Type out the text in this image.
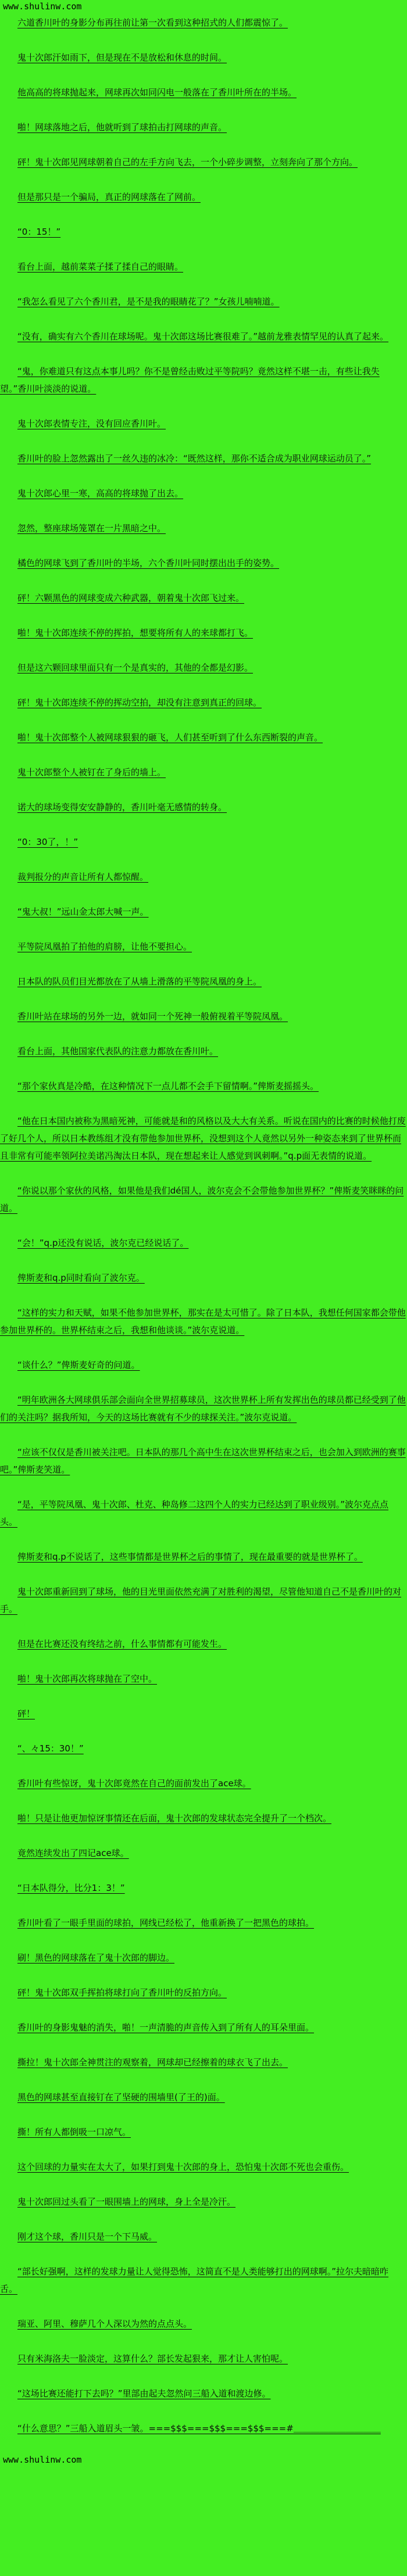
www.shulinw.com

六道香川叶的身影分布再往前让第一次看到这种招式的人们都震惊了。

鬼十次郎汗如雨下，但是现在不是放松和休息的时间。

他高高的将球抛起来，网球再次如同闪电一般落在了香川叶所在的半场。

啪！网球落地之后，他就听到了球拍击打网球的声音。

砰！鬼十次郎见网球朝着自己的左手方向飞去，一个小碎步调整，立刻奔向了那个方向。

但是那只是一个骗局，真正的网球落在了网前。

“0：15！”

看台上面，越前菜菜子揉了揉自己的眼睛。

“我怎么看见了六个香川君，是不是我的眼睛花了？”女孩儿喃喃道。

“没有，确实有六个香川在球场呢。鬼十次郎这场比赛很难了。”越前龙雅表情罕见的认真了起来。

“鬼，你难道只有这点本事儿吗？你不是曾经击败过平等院吗？竟然这样不堪一击，有些让我失望。”香川叶淡淡的说道。

鬼十次郎表情专注，没有回应香川叶。

香川叶的脸上忽然露出了一丝久违的冰冷：“既然这样，那你不适合成为职业网球运动员了。”

鬼十次郎心里一寒，高高的将球抛了出去。

忽然，整座球场笼罩在一片黑暗之中。

橘色的网球飞到了香川叶的半场，六个香川叶同时摆出出手的姿势。

砰！六颗黑色的网球变成六种武器，朝着鬼十次郎飞过来。

啪！鬼十次郎连续不停的挥拍，想要将所有人的来球都打飞。

但是这六颗回球里面只有一个是真实的，其他的全都是幻影。

砰！鬼十次郎连续不停的挥动空拍，却没有注意到真正的回球。

啪！鬼十次郎整个人被网球狠狠的砸飞，人们甚至听到了什么东西断裂的声音。

鬼十次郎整个人被钉在了身后的墙上。

诺大的球场变得安安静静的，香川叶毫无感情的转身。

“0：30了，！”

裁判报分的声音让所有人都惊醒。

“鬼大叔！”远山金太郎大喊一声。

平等院凤凰拍了拍他的肩膀，让他不要担心。

日本队的队员们目光都放在了从墙上滑落的平等院凤凰的身上。

香川叶站在球场的另外一边，就如同一个死神一般俯视着平等院凤凰。

看台上面，其他国家代表队的注意力都放在香川叶。

“那个家伙真是冷酷，在这种情况下一点儿都不会手下留情啊。”俾斯麦摇摇头。

“他在日本国内被称为黑暗死神，可能就是和的风格以及大大有关系。听说在国内的比赛的时候他打废了好几个人，所以日本教练组才没有带他参加世界杯，没想到这个人竟然以另外一种姿态来到了世界杯而且非常有可能率领阿拉美诺冯淘汰日本队，现在想起来让人感觉到讽刺啊。”q.p面无表情的说道。

“你说以那个家伙的风格，如果他是我们dé国人，波尔克会不会带他参加世界杯？”俾斯麦笑眯眯的问道。

“会！”q.p还没有说话，波尔克已经说话了。

俾斯麦和q.p同时看向了波尔克。

“这样的实力和天赋，如果不他参加世界杯，那实在是太可惜了。除了日本队，我想任何国家都会带他参加世界杯的。世界杯结束之后，我想和他谈谈。”波尔克说道。

“谈什么？”俾斯麦好奇的问道。

“明年欧洲各大网球俱乐部会面向全世界招募球员，这次世界杯上所有发挥出色的球员都已经受到了他们的关注吗？据我所知，今天的这场比赛就有不少的球探关注。”波尔克说道。

“应该不仅仅是香川被关注吧。日本队的那几个高中生在这次世界杯结束之后，也会加入到欧洲的赛事吧。”俾斯麦笑道。

“是，平等院凤凰、鬼十次郎、杜克、种岛修二这四个人的实力已经达到了职业级别。”波尔克点点头。

俾斯麦和q.p不说话了，这些事情都是世界杯之后的事情了，现在最重要的就是世界杯了。

鬼十次郎重新回到了球场，他的目光里面依然充满了对胜利的渴望，尽管他知道自己不是香川叶的对手。

但是在比赛还没有终结之前，什么事情都有可能发生。

啪！鬼十次郎再次将球抛在了空中。

砰！

“、々15：30！”

香川叶有些惊讶，鬼十次郎竟然在自己的面前发出了ace球。

啪！只是让他更加惊讶事情还在后面，鬼十次郎的发球状态完全提升了一个档次。

竟然连续发出了四记ace球。

“日本队得分，比分1：3！”

香川叶看了一眼手里面的球拍，网线已经松了，他重新换了一把黑色的球拍。

刷！黑色的网球落在了鬼十次郎的脚边。

砰！鬼十次郎双手挥拍将球打向了香川叶的反拍方向。

香川叶的身影鬼魅的消失，啪！一声清脆的声音传入到了所有人的耳朵里面。

撕拉！鬼十次郎全神贯注的观察着，网球却已经擦着的球衣飞了出去。

黑色的网球甚至直接钉在了坚硬的围墙里(了王的)面。

撕！所有人都倒吸一口凉气。

这个回球的力量实在太大了，如果打到鬼十次郎的身上，恐怕鬼十次郎不死也会重伤。

鬼十次郎回过头看了一眼围墙上的网球，身上全是冷汗。

刚才这个球，香川只是一个下马威。

“部长好强啊，这样的发球力量让人觉得恐怖，这简直不是人类能够打出的网球啊。”拉尔夫暗暗咋舌。

瑞亚、阿里、穆萨几个人深以为然的点点头。

只有米海洛夫一脸淡定，这算什么？部长发起狠来，那才让人害怕呢。

“这场比赛还能打下去吗？”里部由起夫忽然问三船入道和渡边修。

“什么意思？”三船入道眉头一皱。===$$$===$$$===$$$===#＿＿＿＿＿＿＿＿＿＿

www.shulinw.com
